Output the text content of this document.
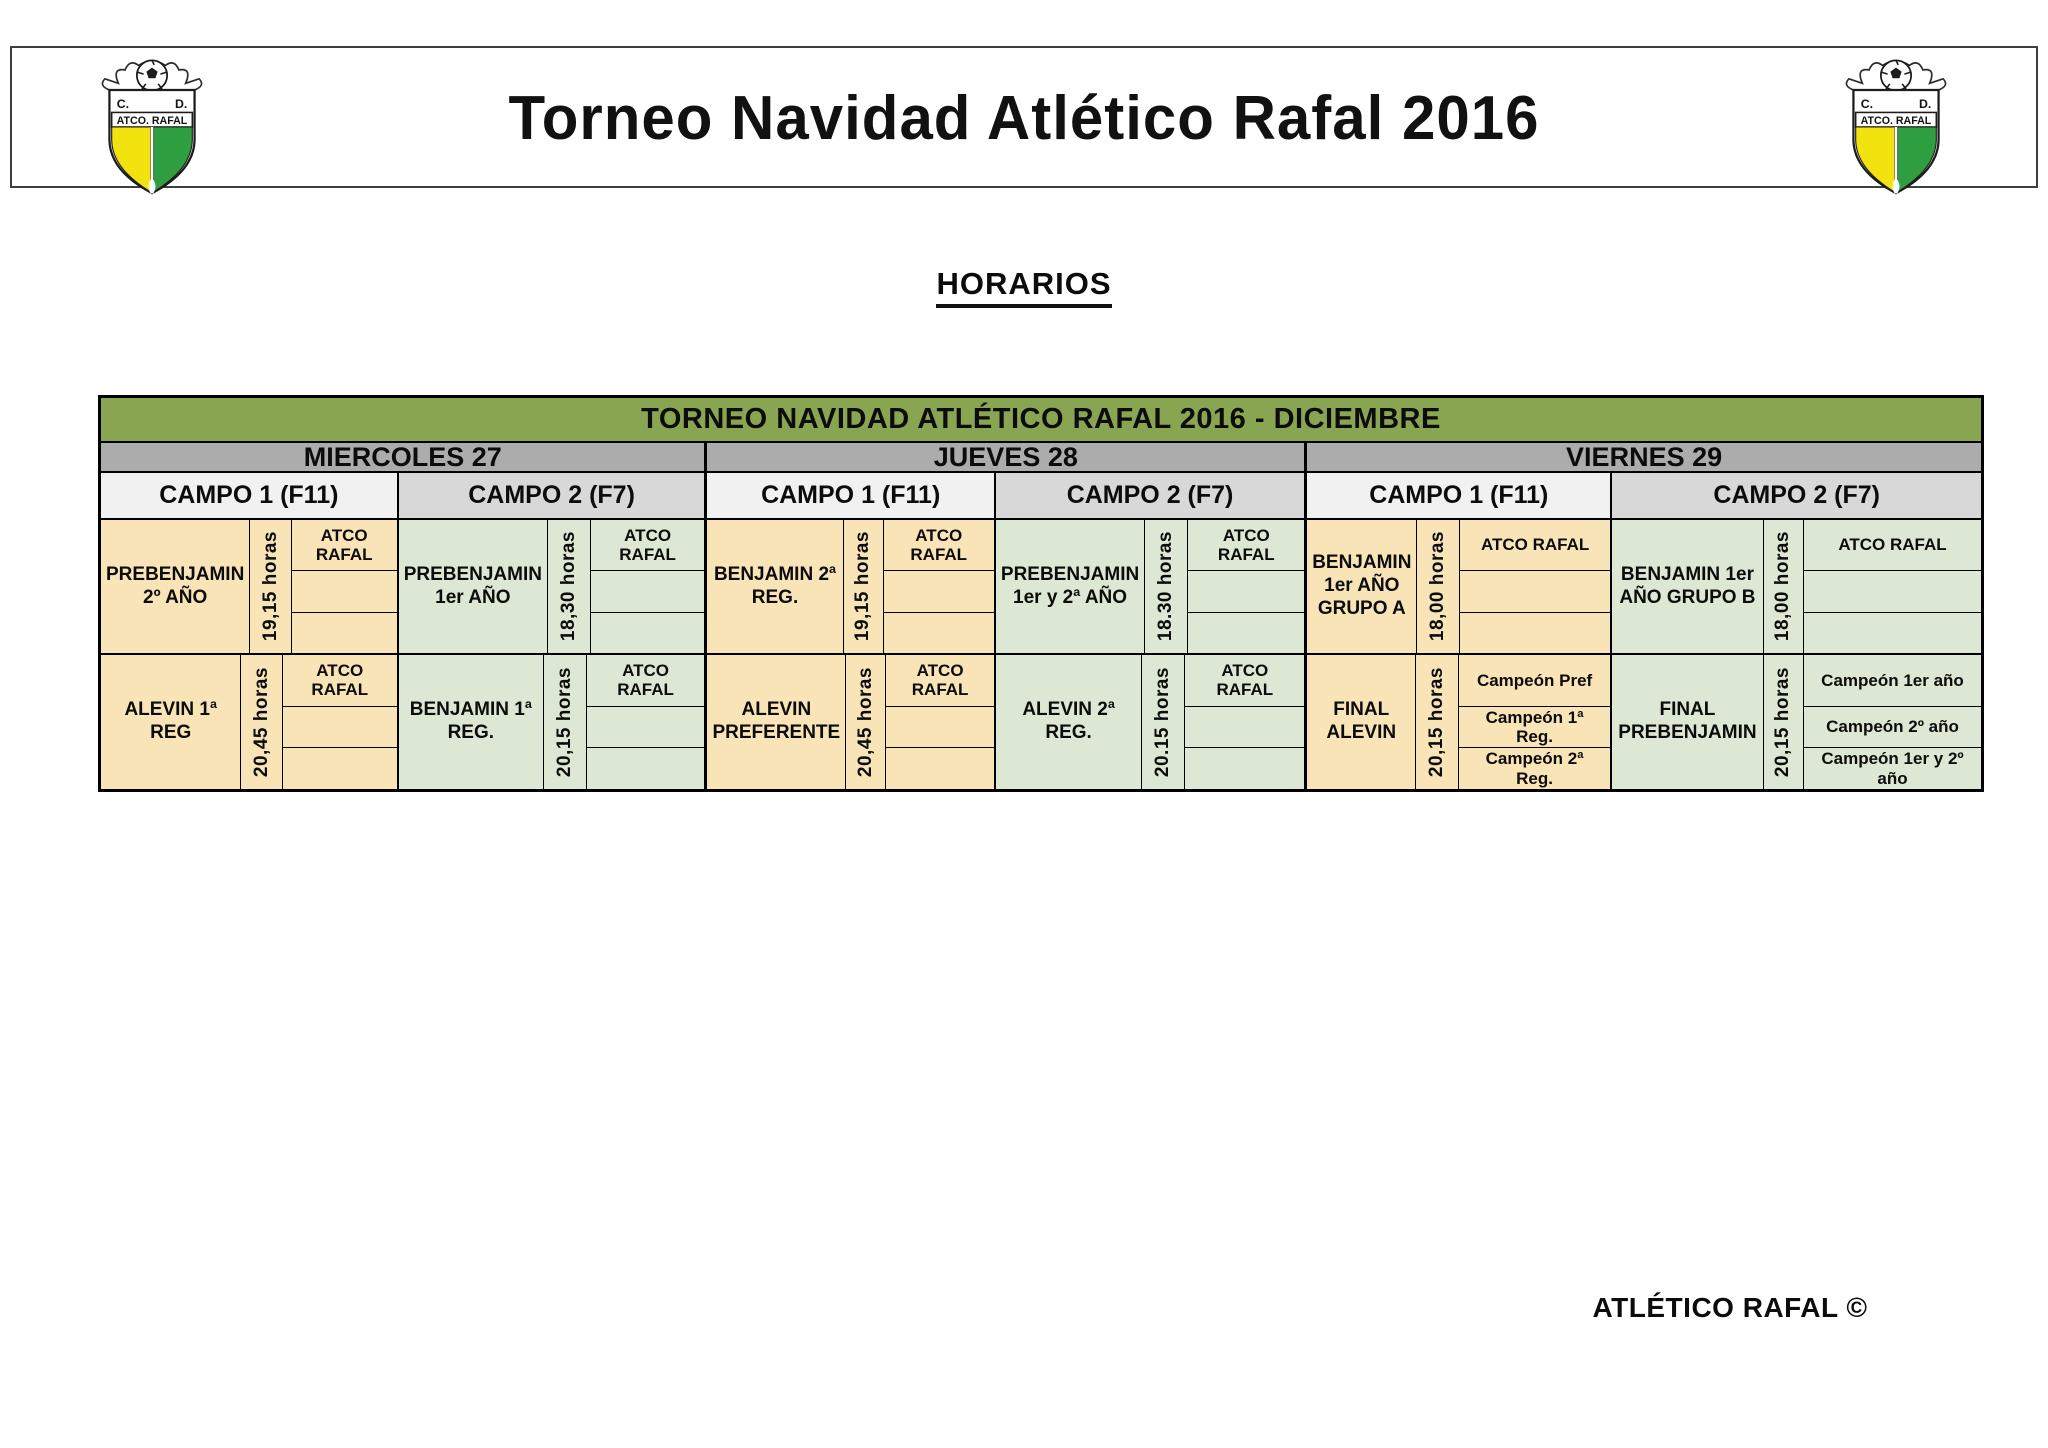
C.	D.
ATCO. RAFAL	Torneo Navidad Atlético Rafal 2016	C.	D.
ATCO. RAFAL
HORARIOS
TORNEO NAVIDAD ATLÉTICO RAFAL 2016 - DICIEMBRE
MIERCOLES 27
CAMPO 1 (F11)
PREBENJAMIN 2º AÑO	19,15 horas	ATCO RAFAL
ALEVIN 1ª REG	20,45 horas	ATCO RAFAL
CAMPO 2 (F7)
PREBENJAMIN 1er AÑO	18,30 horas	ATCO RAFAL
BENJAMIN 1ª REG.	20,15 horas	ATCO RAFAL
JUEVES 28
CAMPO 1 (F11)
BENJAMIN 2ª REG.	19,15 horas	ATCO RAFAL
ALEVIN PREFERENTE 20,45 horas	ATCO RAFAL
CAMPO 2 (F7)
PREBENJAMIN 1er y 2ª AÑO	18.30 horas	ATCO RAFAL
ALEVIN 2ª REG.	20.15 horas	ATCO RAFAL
VIERNES 29
CAMPO 1 (F11)
BENJAMIN 1er AÑO GRUPO A	18,00 horas	ATCO RAFAL
FINAL ALEVIN	20,15 horas	Campeón Pref
Campeón 1ª Reg.
Campeón 2ª Reg.
CAMPO 2 (F7)
BENJAMIN 1er AÑO GRUPO B 18,00 horas	ATCO RAFAL
FINAL PREBENJAMIN 20,15 horas	Campeón 1er año
Campeón 2º año
Campeón 1er y 2º año
ATLÉTICO RAFAL ©
